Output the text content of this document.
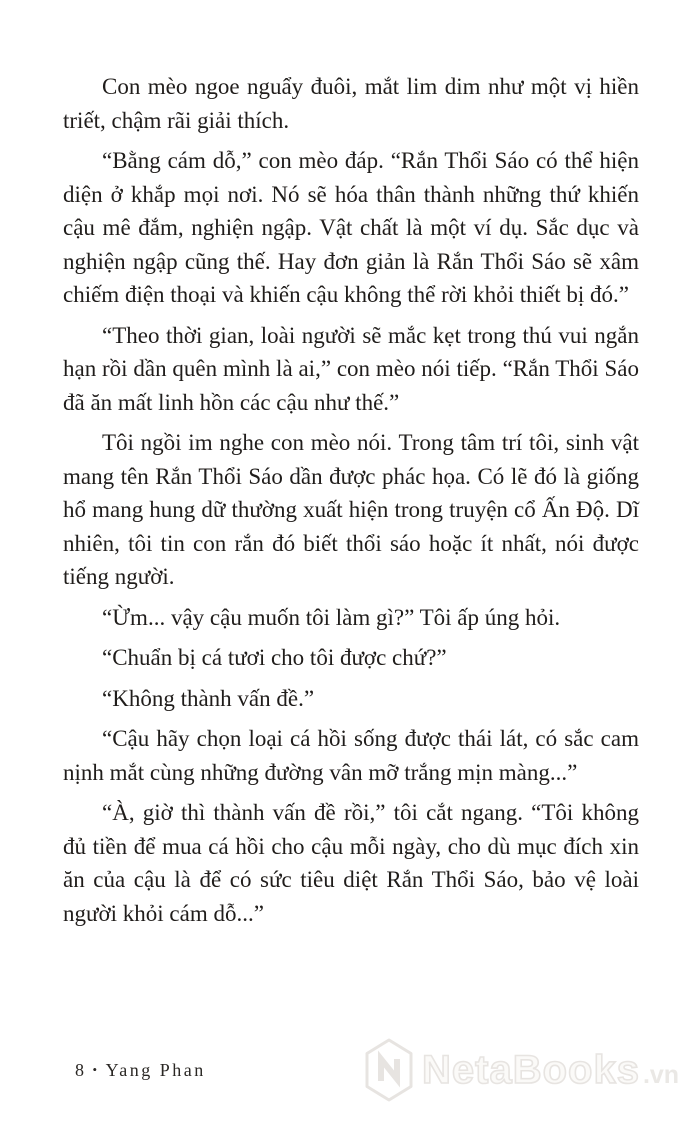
Con mèo ngoe nguẩy đuôi, mắt lim dim như một vị hiền triết, chậm rãi giải thích.

“Bằng cám dỗ,” con mèo đáp. “Rắn Thổi Sáo có thể hiện diện ở khắp mọi nơi. Nó sẽ hóa thân thành những thứ khiến cậu mê đắm, nghiện ngập. Vật chất là một ví dụ. Sắc dục và nghiện ngập cũng thế. Hay đơn giản là Rắn Thổi Sáo sẽ xâm chiếm điện thoại và khiến cậu không thể rời khỏi thiết bị đó.”

“Theo thời gian, loài người sẽ mắc kẹt trong thú vui ngắn hạn rồi dần quên mình là ai,” con mèo nói tiếp. “Rắn Thổi Sáo đã ăn mất linh hồn các cậu như thế.”

Tôi ngồi im nghe con mèo nói. Trong tâm trí tôi, sinh vật mang tên Rắn Thổi Sáo dần được phác họa. Có lẽ đó là giống hổ mang hung dữ thường xuất hiện trong truyện cổ Ấn Độ. Dĩ nhiên, tôi tin con rắn đó biết thổi sáo hoặc ít nhất, nói được tiếng người.

“Ừm... vậy cậu muốn tôi làm gì?” Tôi ấp úng hỏi.

“Chuẩn bị cá tươi cho tôi được chứ?”

“Không thành vấn đề.”

“Cậu hãy chọn loại cá hồi sống được thái lát, có sắc cam nịnh mắt cùng những đường vân mỡ trắng mịn màng...”

“À, giờ thì thành vấn đề rồi,” tôi cắt ngang. “Tôi không đủ tiền để mua cá hồi cho cậu mỗi ngày, cho dù mục đích xin ăn của cậu là để có sức tiêu diệt Rắn Thổi Sáo, bảo vệ loài người khỏi cám dỗ...”

8 • Yang Phan	NetaBooks .vn
